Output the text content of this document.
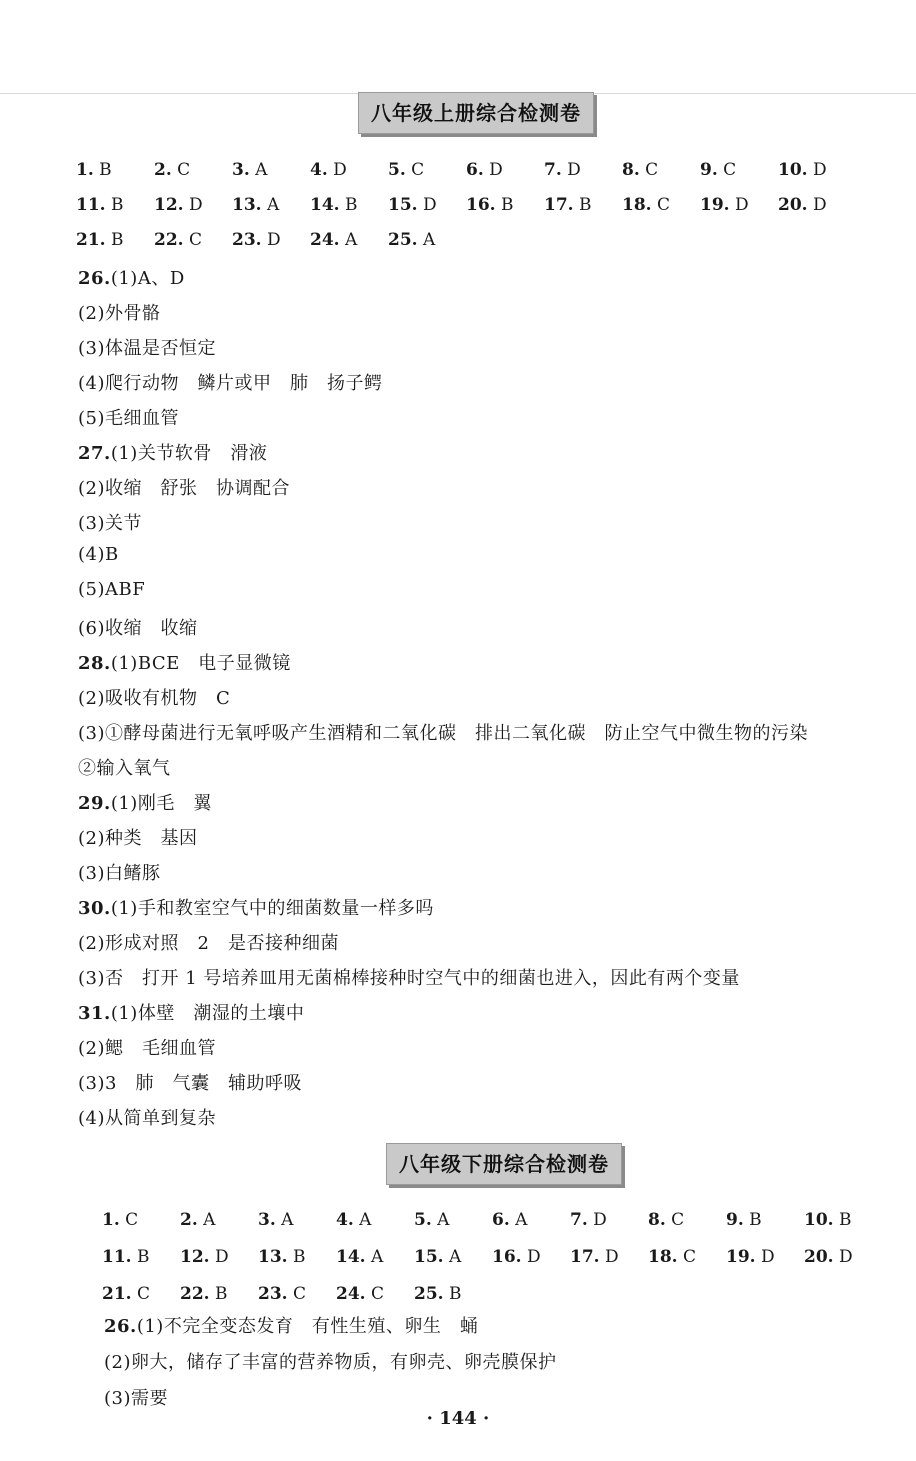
八年级上册综合检测卷
1. B 2. C 3. A	4. D 5. C 6. D 7. D 8. C 9. C 10. D
11. B 12. D 13. A 14. B 15. D 16. B 17. B 18. C 19. D 20. D
21. B 22. C 23. D 24. A 25. A
26.(1)A、D
(2)外骨骼
(3)体温是否恒定
(4)爬行动物　鳞片或甲　肺　扬子鳄
(5)毛细血管
27.(1)关节软骨　滑液
(2)收缩　舒张　协调配合
(3)关节
(4)B
(5)ABF
(6)收缩　收缩
28.(1)BCE　电子显微镜
(2)吸收有机物　C
(3)①酵母菌进行无氧呼吸产生酒精和二氧化碳　排出二氧化碳　防止空气中微生物的污染
②输入氧气
29.(1)刚毛　翼
(2)种类　基因
(3)白鳍豚
30.(1)手和教室空气中的细菌数量一样多吗
(2)形成对照　2　是否接种细菌
(3)否　打开 1 号培养皿用无菌棉棒接种时空气中的细菌也进入，因此有两个变量
31.(1)体壁　潮湿的土壤中
(2)鳃　毛细血管
(3)3　肺　气囊　辅助呼吸
(4)从简单到复杂
八年级下册综合检测卷
1. C 2. A	3. A	4. A	5. A	6. A	7. D 8. C 9. B 10. B
11. B 12. D 13. B 14. A 15. A 16. D 17. D 18. C 19. D 20. D
21. C 22. B 23. C 24. C 25. B
26.(1)不完全变态发育　有性生殖、卵生　蛹
(2)卵大，储存了丰富的营养物质，有卵壳、卵壳膜保护
(3)需要
· 144 ·
